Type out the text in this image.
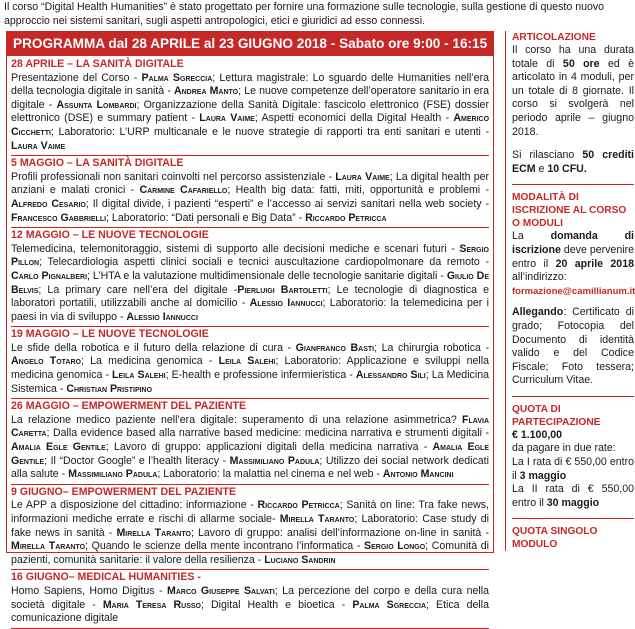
Il corso “Digital Health Humanities” è stato progettato per fornire una formazione sulle tecnologie, sulla gestione di questo nuovo approccio nei sistemi sanitari, sugli aspetti antropologici, etici e giuridici ad esso connessi.
PROGRAMMA dal 28 APRILE al 23 GIUGNO 2018 - Sabato ore 9:00 - 16:15
28 APRILE – LA SANITÀ DIGITALE
Presentazione del Corso - Palma Sgreccia; Lettura magistrale: Lo sguardo delle Humanities nell’era della tecnologia digitale in sanità - Andrea Manto; Le nuove competenze dell’operatore sanitario in era digitale - Assunta Lombardi; Organizzazione della Sanità Digitale: fascicolo elettronico (FSE) dossier elettronico (DSE) e summary patient - Laura Vaime; Aspetti economici della Digital Health - Americo Cicchetti; Laboratorio: L’URP multicanale e le nuove strategie di rapporti tra enti sanitari e utenti - Laura Vaime
5 MAGGIO – LA SANITÀ DIGITALE
Profili professionali non sanitari coinvolti nel percorso assistenziale - Laura Vaime; La digital health per anziani e malati cronici - Carmine Cafariello; Health big data: fatti, miti, opportunità e problemi - Alfredo Cesario; Il digital divide, i pazienti “esperti” e l’accesso ai servizi sanitari nella web society - Francesco Gabbrielli; Laboratorio: “Dati personali e Big Data” - Riccardo Petricca
12 MAGGIO – LE NUOVE TECNOLOGIE
Telemedicina, telemonitoraggio, sistemi di supporto alle decisioni mediche e scenari futuri - Sergio Pillon; Telecardiologia aspetti clinici sociali e tecnici auscultazione cardiopolmonare da remoto - Carlo Pignalberi; L’HTA e la valutazione multidimensionale delle tecnologie sanitarie digitali - Giulio De Belvis; La primary care nell’era del digitale -Pierluigi Bartoletti; Le tecnologie di diagnostica e laboratori portatili, utilizzabili anche al domicilio - Alessio Iannucci; Laboratorio: la telemedicina per i paesi in via di sviluppo - Alessio Iannucci
19 MAGGIO – LE NUOVE TECNOLOGIE
Le sfide della robotica e il futuro della relazione di cura - Gianfranco Basti; La chirurgia robotica - Angelo Totaro; La medicina genomica - Leila Salehi; Laboratorio: Applicazione e sviluppi nella medicina genomica - Leila Salehi; E-health e professione infermieristica - Alessandro Sili; La Medicina Sistemica - Christian Pristipino
26 MAGGIO – EMPOWERMENT DEL PAZIENTE
La relazione medico paziente nell’era digitale: superamento di una relazione asimmetrica? Flavia Caretta; Dalla evidence based alla narrative based medicine: medicina narrativa e strumenti digitali - Amalia Egle Gentile; Lavoro di gruppo: applicazioni digitali della medicina narrativa - Amalia Egle Gentile; Il “Doctor Google” e l’health literacy - Massimiliano Padula; Utilizzo dei social network dedicati alla salute - Massimiliano Padula; Laboratorio: la malattia nel cinema e nel web - Antonio Mancini
9 GIUGNO– EMPOWERMENT DEL PAZIENTE
Le APP a disposizione del cittadino: informazione - Riccardo Petricca; Sanità on line: Tra fake news, informazioni mediche errate e rischi di allarme sociale- Mirella Taranto; Laboratorio: Case study di fake news in sanità - Mirella Taranto; Lavoro di gruppo: analisi dell’informazione on-line in sanità - Mirella Taranto; Quando le scienze della mente incontrano l’informatica - Sergio Longo; Comunità di pazienti, comunità sanitarie: il valore della resilienza - Luciano Sandrin
16 GIUGNO– MEDICAL HUMANITIES -
Homo Sapiens, Homo Digitus - Marco Giuseppe Salvati; La percezione del corpo e della cura nella società digitale - Maria Teresa Russo; Digital Health e bioetica - Palma Sgreccia; Etica della comunicazione digitale
ARTICOLAZIONE

Il corso ha una durata totale di 50 ore ed è articolato in 4 moduli, per un totale di 8 giornate. Il corso si svolgerà nel periodo aprile – giugno 2018.

Si rilasciano 50 crediti ECM e 10 CFU.

MODALITÀ DI ISCRIZIONE AL CORSO O MODULI

La domanda di iscrizione deve pervenire entro il 20 aprile 2018 all’indirizzo:

formazione@camillianum.it

Allegando: Certificato di grado; Fotocopia del Documento di identità valido e del Codice Fiscale; Foto tessera; Curriculum Vitae.

QUOTA DI PARTECIPAZIONE

€ 1.100,00

da pagare in due rate:

La I rata di € 550,00 entro il 3 maggio

La II rata di € 550,00 entro il 30 maggio

QUOTA SINGOLO MODULO
